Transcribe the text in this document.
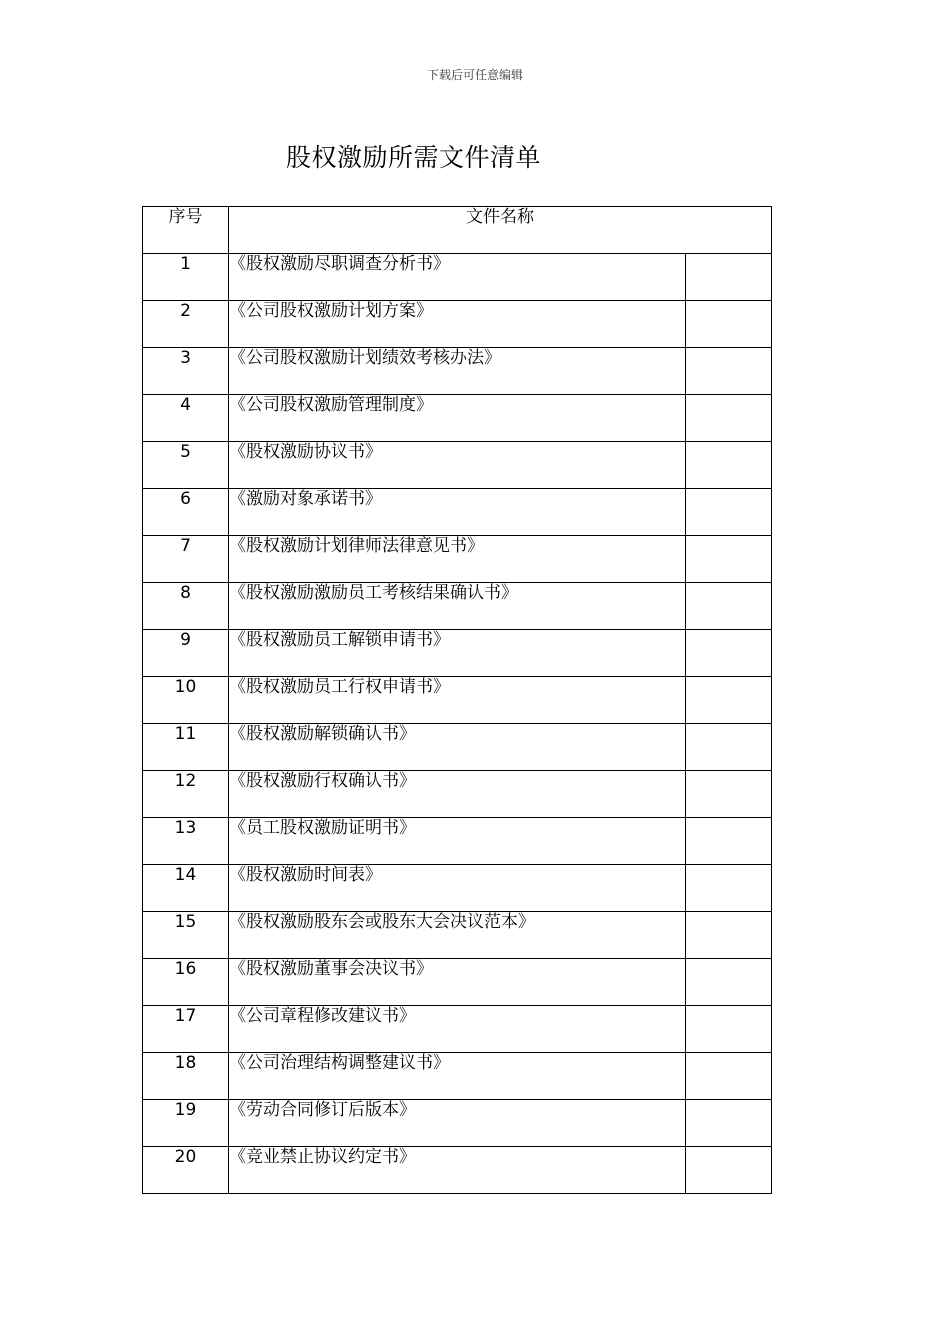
下载后可任意编辑
股权激励所需文件清单
序号	文件名称	
1	《股权激励尽职调查分析书》	
2	《公司股权激励计划方案》	
3	《公司股权激励计划绩效考核办法》	
4	《公司股权激励管理制度》	
5	《股权激励协议书》	
6	《激励对象承诺书》	
7	《股权激励计划律师法律意见书》	
8	《股权激励激励员工考核结果确认书》	
9	《股权激励员工解锁申请书》	
10	《股权激励员工行权申请书》	
11	《股权激励解锁确认书》	
12	《股权激励行权确认书》	
13	《员工股权激励证明书》	
14	《股权激励时间表》	
15	《股权激励股东会或股东大会决议范本》	
16	《股权激励董事会决议书》	
17	《公司章程修改建议书》	
18	《公司治理结构调整建议书》	
19	《劳动合同修订后版本》	
20	《竞业禁止协议约定书》	
